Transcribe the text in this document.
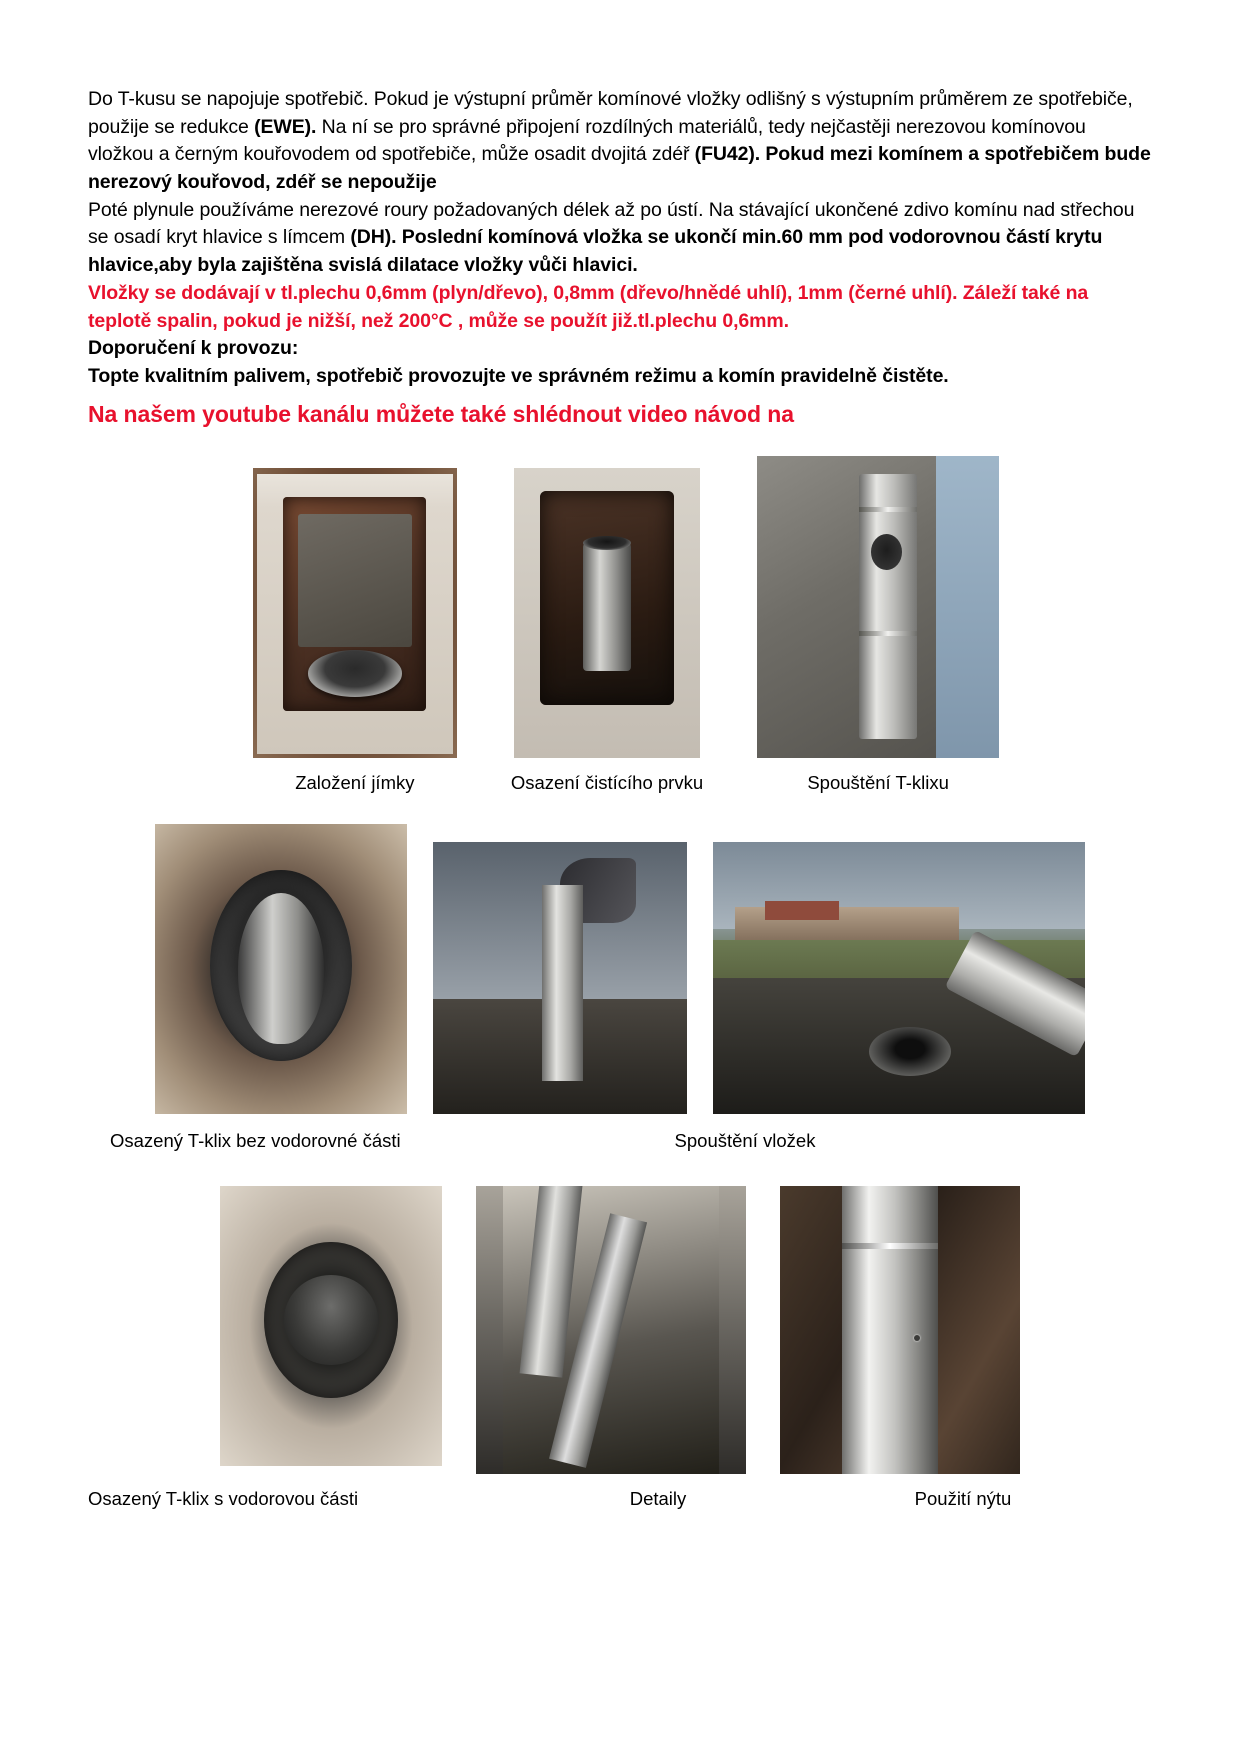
Do T-kusu se napojuje spotřebič. Pokud je výstupní průměr komínové vložky odlišný s výstupním průměrem ze spotřebiče, použije se redukce (EWE). Na ní se pro správné připojení rozdílných materiálů, tedy nejčastěji nerezovou komínovou vložkou a černým kouřovodem od spotřebiče, může osadit dvojitá zdéř (FU42). Pokud mezi komínem a spotřebičem bude nerezový kouřovod, zdéř se nepoužije

Poté plynule používáme nerezové roury požadovaných délek až po ústí. Na stávající ukončené zdivo komínu nad střechou se osadí kryt hlavice s límcem (DH). Poslední komínová vložka se ukončí min.60 mm pod vodorovnou částí krytu hlavice,aby byla zajištěna svislá dilatace vložky vůči hlavici.

Vložky se dodávají v tl.plechu 0,6mm (plyn/dřevo), 0,8mm (dřevo/hnědé uhlí), 1mm (černé uhlí). Záleží také na teplotě spalin, pokud je nižší, než 200°C , může se použít již.tl.plechu 0,6mm.

Doporučení k provozu:

Topte kvalitním palivem, spotřebič provozujte ve správném režimu a komín pravidelně čistěte.

Na našem youtube kanálu můžete také shlédnout video návod na

Založení jímky	Osazení čistícího prvku	Spouštění T-klixu
Osazený T-klix bez vodorovné části	Spouštění vložek
Osazený T-klix s vodorovou části	Detaily	Použití nýtu
